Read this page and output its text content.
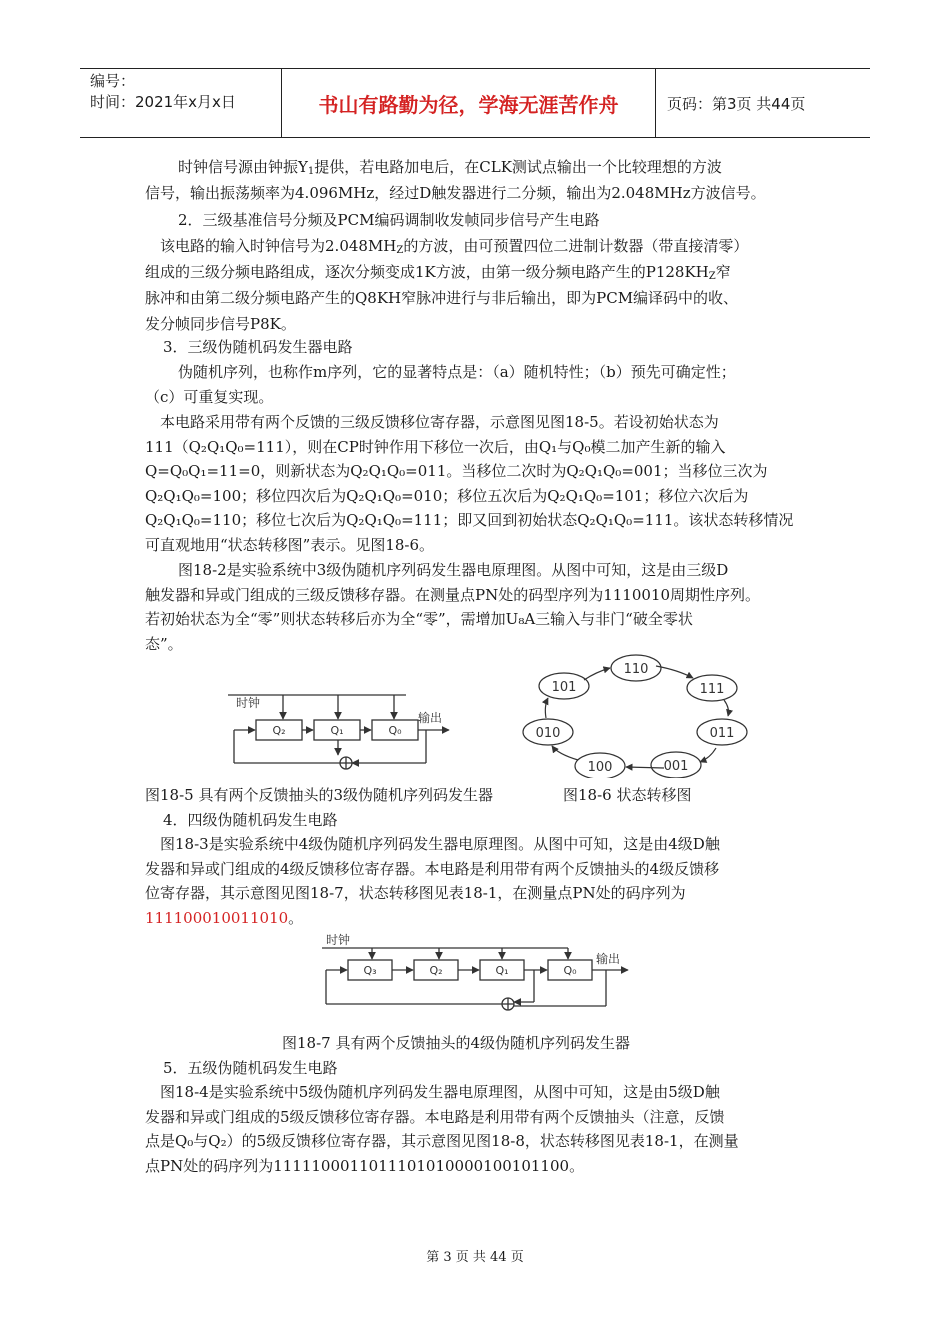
编号：
时间：2021年x月x日	书山有路勤为径，学海无涯苦作舟	页码：第3页 共44页
时钟信号源由钟振$Y_1$提供，若电路加电后，在CLK测试点输出一个比较理想的方波
信号，输出振荡频率为4.096MHz，经过D触发器进行二分频，输出为2.048MHz方波信号。
2．三级基准信号分频及PCM编码调制收发帧同步信号产生电路
该电路的输入时钟信号为$2.048MH_Z$的方波，由可预置四位二进制计数器（带直接清零）
组成的三级分频电路组成，逐次分频变成1K方波，由第一级分频电路产生的$P128KH_Z$窄
脉冲和由第二级分频电路产生的Q8KH窄脉冲进行与非后输出，即为PCM编译码中的收、
发分帧同步信号P8K。
3．三级伪随机码发生器电路
伪随机序列，也称作m序列，它的显著特点是：（a）随机特性；（b）预先可确定性；
（c）可重复实现。
本电路采用带有两个反馈的三级反馈移位寄存器，示意图见图18-5。若设初始状态为
111（Q₂Q₁Q₀=111），则在CP时钟作用下移位一次后，由Q₁与Q₀模二加产生新的输入
Q=Q₀Q₁=11=0，则新状态为Q₂Q₁Q₀=011。当移位二次时为Q₂Q₁Q₀=001；当移位三次为
Q₂Q₁Q₀=100；移位四次后为Q₂Q₁Q₀=010；移位五次后为Q₂Q₁Q₀=101；移位六次后为
Q₂Q₁Q₀=110；移位七次后为Q₂Q₁Q₀=111；即又回到初始状态Q₂Q₁Q₀=111。该状态转移情况
可直观地用“状态转移图”表示。见图18-6。
图18-2是实验系统中3级伪随机序列码发生器电原理图。从图中可知，这是由三级D
触发器和异或门组成的三级反馈移存器。在测量点PN处的码型序列为1110010周期性序列。
若初始状态为全“零”则状态转移后亦为全“零”，需增加U₈A三输入与非门“破全零状
态”。
时钟
输出
Q₂	Q₁	Q₀
110
111
011
001
100
010
101
图18-5 具有两个反馈抽头的3级伪随机序列码发生器	图18-6 状态转移图
4．四级伪随机码发生电路
图18-3是实验系统中4级伪随机序列码发生器电原理图。从图中可知，这是由4级D触
发器和异或门组成的4级反馈移位寄存器。本电路是利用带有两个反馈抽头的4级反馈移
位寄存器，其示意图见图18-7，状态转移图见表18-1，在测量点PN处的码序列为
111100010011010。
时钟
输出
Q₃	Q₂	Q₁	Q₀
图18-7 具有两个反馈抽头的4级伪随机序列码发生器
5．五级伪随机码发生电路
图18-4是实验系统中5级伪随机序列码发生器电原理图，从图中可知，这是由5级D触
发器和异或门组成的5级反馈移位寄存器。本电路是利用带有两个反馈抽头（注意，反馈
点是Q₀与Q₂）的5级反馈移位寄存器，其示意图见图18-8，状态转移图见表18-1，在测量
点PN处的码序列为1111100011011101010000100101100。
第 3 页 共 44 页
